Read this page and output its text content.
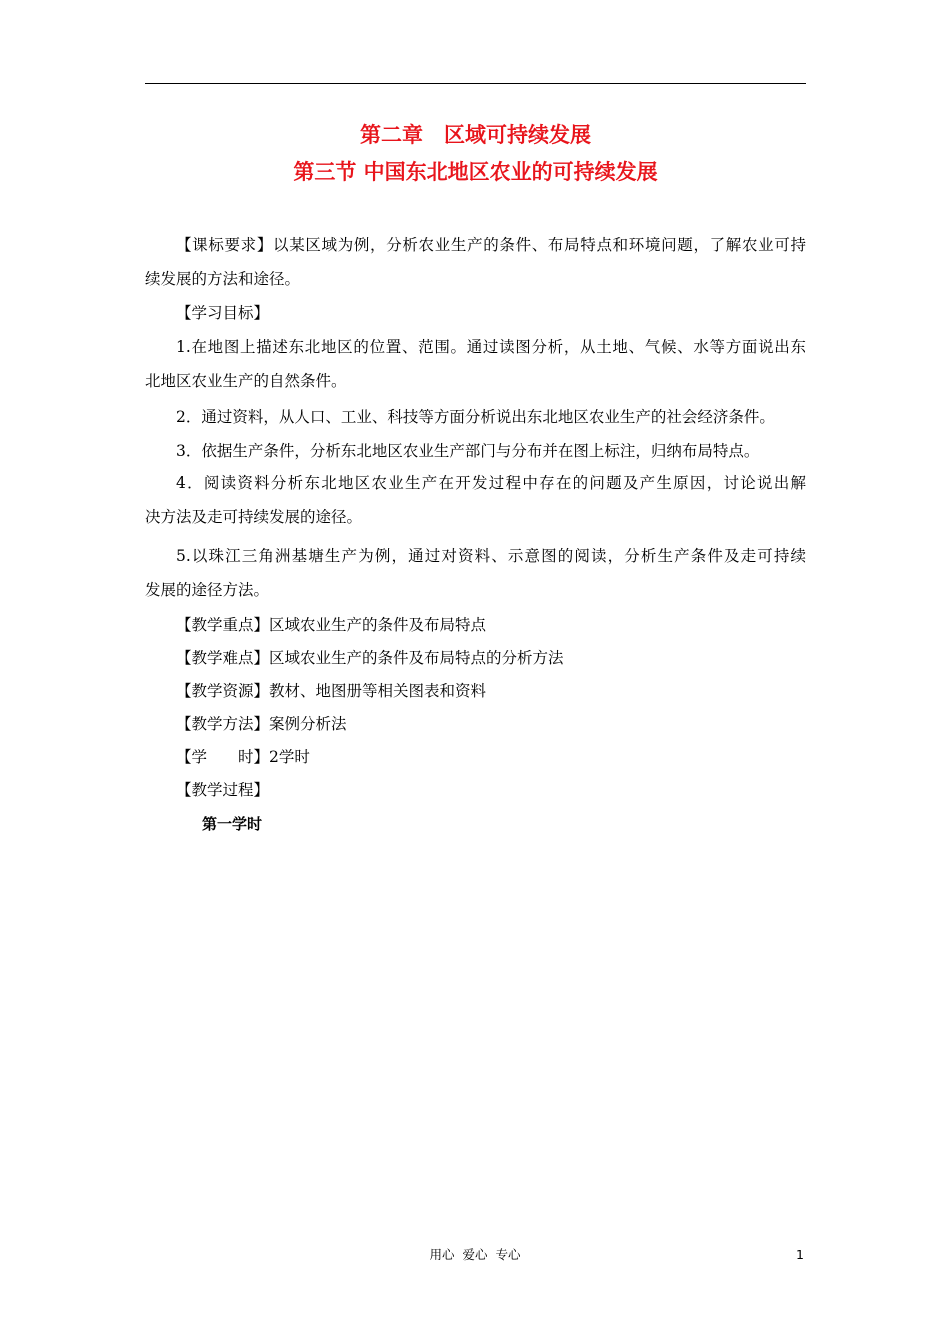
第二章　区域可持续发展
第三节 中国东北地区农业的可持续发展
【课标要求】以某区域为例，分析农业生产的条件、布局特点和环境问题，了解农业可持
续发展的方法和途径。
【学习目标】
1.在地图上描述东北地区的位置、范围。通过读图分析，从土地、气候、水等方面说出东
北地区农业生产的自然条件。
2．通过资料，从人口、工业、科技等方面分析说出东北地区农业生产的社会经济条件。
3．依据生产条件，分析东北地区农业生产部门与分布并在图上标注，归纳布局特点。
4．阅读资料分析东北地区农业生产在开发过程中存在的问题及产生原因，讨论说出解
决方法及走可持续发展的途径。
5.以珠江三角洲基塘生产为例，通过对资料、示意图的阅读，分析生产条件及走可持续
发展的途径方法。
【教学重点】区域农业生产的条件及布局特点
【教学难点】区域农业生产的条件及布局特点的分析方法
【教学资源】教材、地图册等相关图表和资料
【教学方法】案例分析法
【学　　时】2学时
【教学过程】
第一学时
用心  爱心  专心	1
